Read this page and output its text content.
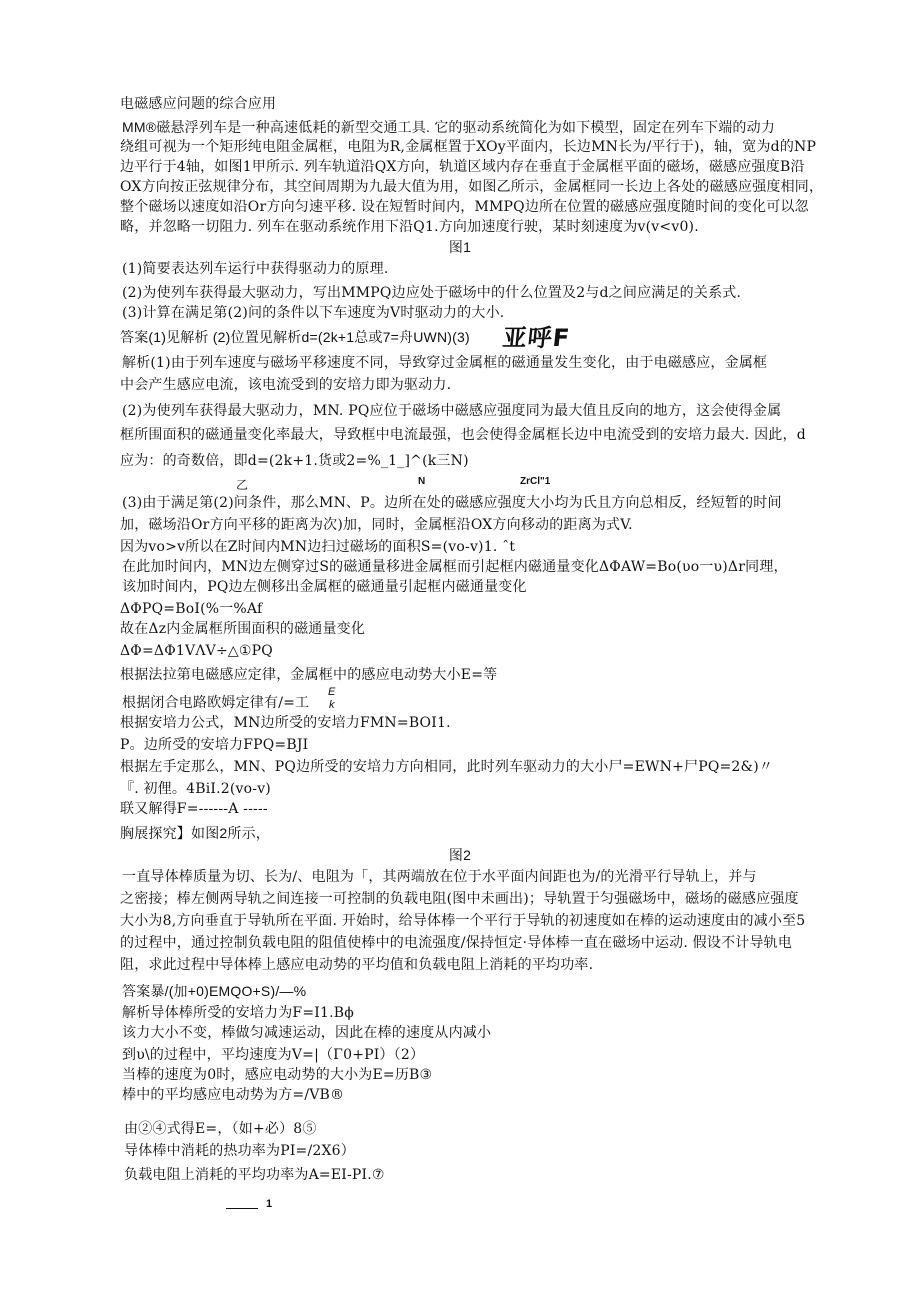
电磁感应问题的综合应用
MM®磁悬浮列车是一种高速低耗的新型交通工具. 它的驱动系统简化为如下模型，固定在列车下端的动力
绕组可视为一个矩形纯电阻金属框，电阻为R,金属框置于XOy平面内，长边MN长为/平行于)，轴，宽为d的NP
边平行于4轴，如图1甲所示. 列车轨道沿QX方向，轨道区域内存在垂直于金属框平面的磁场，磁感应强度B沿
OX方向按正弦规律分布，其空间周期为九最大值为用，如图乙所示，金属框同一长边上各处的磁感应强度相同，
整个磁场以速度如沿Or方向匀速平移. 设在短暂时间内，MMPQ边所在位置的磁感应强度随时间的变化可以忽
略，并忽略一切阻力. 列车在驱动系统作用下沿Q1.方向加速度行驶，某时刻速度为v(v<v0).
图1
(1)简要表达列车运行中获得驱动力的原理.
(2)为使列车获得最大驱动力，写出MMPQ边应处于磁场中的什么位置及2与d之间应满足的关系式.
(3)计算在满足第(2)问的条件以下车速度为V时驱动力的大小.
答案(1)见解析 (2)位置见解析d=(2k+1总或7=舟UWN)(3) 亚呼F
解析(1)由于列车速度与磁场平移速度不同，导致穿过金属框的磁通量发生变化，由于电磁感应，金属框
中会产生感应电流，该电流受到的安培力即为驱动力.
(2)为使列车获得最大驱动力，MN. PQ应位于磁场中磁感应强度同为最大值且反向的地方，这会使得金属
框所围面积的磁通量变化率最大，导致框中电流最强，也会使得金属框长边中电流受到的安培力最大. 因此，d
应为：的奇数倍，即d=(2k+1.货或2=%_1_]^(k三N)
乙	N	ZrCl"1
(3)由于满足第(2)问条件，那么MN、P。边所在处的磁感应强度大小均为氏且方向总相反，经短暂的时间
加，磁场沿Or方向平移的距离为次)加，同时，金属框沿OX方向移动的距离为式V.
因为vo>v所以在Z时间内MN边扫过磁场的面积S=(vo-v)1. ˆt
在此加时间内，MN边左侧穿过S的磁通量移进金属框而引起框内磁通量变化ΔΦAW=Bo(υo一υ)Δr同理，
该加时间内，PQ边左侧移出金属框的磁通量引起框内磁通量变化
ΔΦPQ=BoI(%一%Af
故在Δz内金属框所围面积的磁通量变化
ΔΦ=ΔΦ1VΛV÷△①PQ
根据法拉第电磁感应定律，金属框中的感应电动势大小E=等
根据闭合电路欧姆定律有/=工
E
k
根据安培力公式，MN边所受的安培力FMN=BOI1.
P。边所受的安培力FPQ=BJI
根据左手定那么，MN、PQ边所受的安培力方向相同，此时列车驱动力的大小尸=EWN+尸PQ=2&)〃
『. 初俚。4BiI.2(vo-v)
联又解得F=------A -----
胸展探究】如图2所示，
图2
一直导体棒质量为切、长为/、电阻为「，其两端放在位于水平面内间距也为/的光滑平行导轨上，并与
之密接；棒左侧两导轨之间连接一可控制的负载电阻(图中未画出)；导轨置于匀强磁场中，磁场的磁感应强度
大小为8,方向垂直于导轨所在平面. 开始时，给导体棒一个平行于导轨的初速度如在棒的运动速度由的减小至5
的过程中，通过控制负载电阻的阻值使棒中的电流强度/保持恒定·导体棒一直在磁场中运动. 假设不计导轨电
阻，求此过程中导体棒上感应电动势的平均值和负载电阻上消耗的平均功率.
答案暴/(加+0)EMQO+S)/—%
解析导体棒所受的安培力为F=I1.Bϕ
该力大小不变，棒做匀减速运动，因此在棒的速度从内减小
到υ\的过程中，平均速度为V=|（Γ0+PI）（2）
当棒的速度为0时，感应电动势的大小为E=历B③
棒中的平均感应电动势为方=/VB®
由②④式得E=，（如+必）8⑤
导体棒中消耗的热功率为PI=/2X6）
负载电阻上消耗的平均功率为A=EI-PI.⑦
1
